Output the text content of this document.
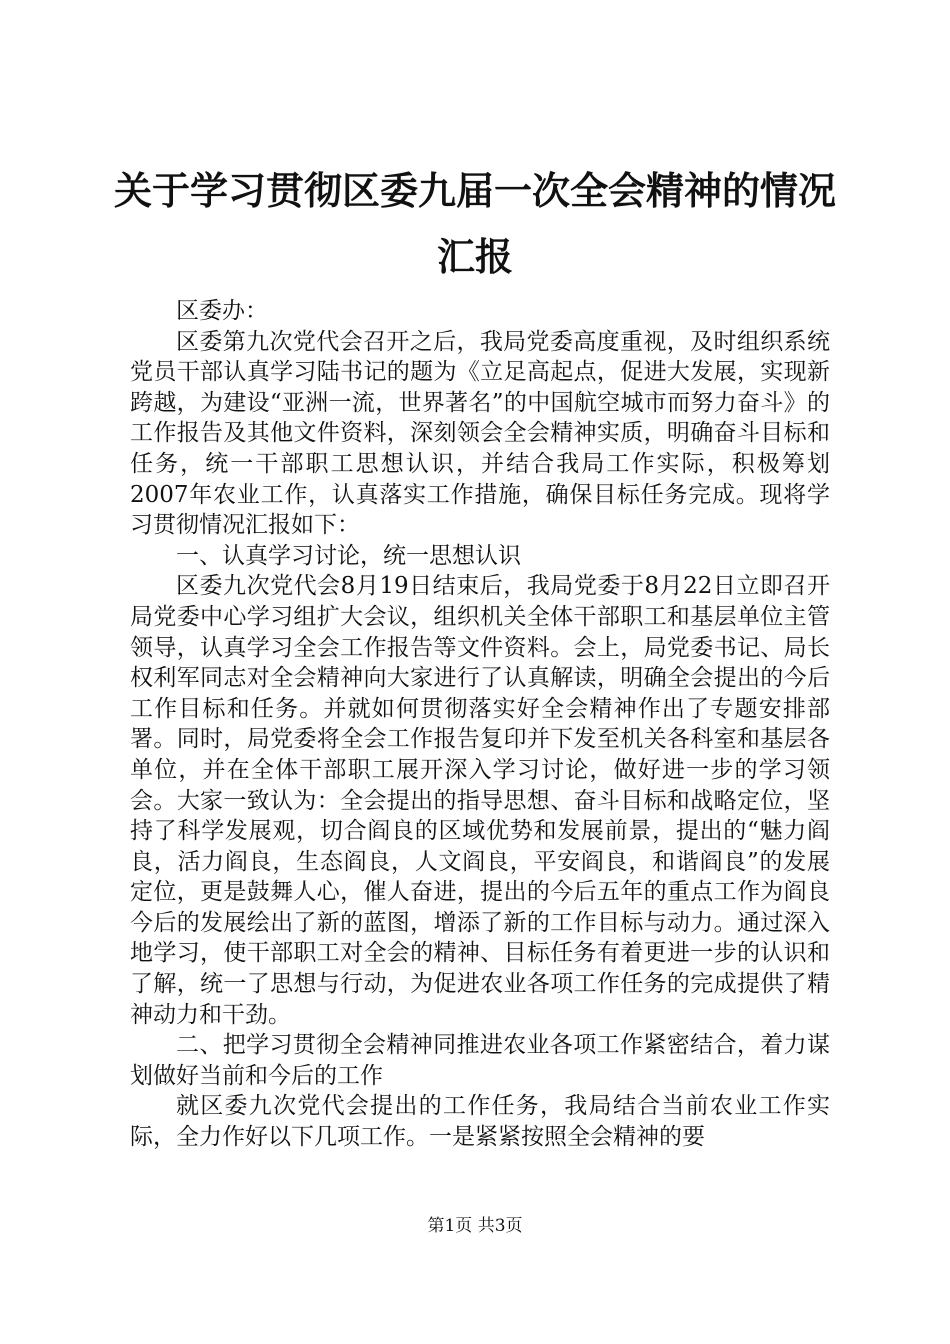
关于学习贯彻区委九届一次全会精神的情况汇报

区委办：

区委第九次党代会召开之后，我局党委高度重视，及时组织系统党员干部认真学习陆书记的题为《立足高起点，促进大发展，实现新跨越，为建设“亚洲一流，世界著名”的中国航空城市而努力奋斗》的工作报告及其他文件资料，深刻领会全会精神实质，明确奋斗目标和任务，统一干部职工思想认识，并结合我局工作实际，积极筹划2007年农业工作，认真落实工作措施，确保目标任务完成。现将学习贯彻情况汇报如下：

一、认真学习讨论，统一思想认识

区委九次党代会8月19日结束后，我局党委于8月22日立即召开局党委中心学习组扩大会议，组织机关全体干部职工和基层单位主管领导，认真学习全会工作报告等文件资料。会上，局党委书记、局长权利军同志对全会精神向大家进行了认真解读，明确全会提出的今后工作目标和任务。并就如何贯彻落实好全会精神作出了专题安排部署。同时，局党委将全会工作报告复印并下发至机关各科室和基层各单位，并在全体干部职工展开深入学习讨论，做好进一步的学习领会。大家一致认为：全会提出的指导思想、奋斗目标和战略定位，坚持了科学发展观，切合阎良的区域优势和发展前景，提出的“魅力阎良，活力阎良，生态阎良，人文阎良，平安阎良，和谐阎良”的发展定位，更是鼓舞人心，催人奋进，提出的今后五年的重点工作为阎良今后的发展绘出了新的蓝图，增添了新的工作目标与动力。通过深入地学习，使干部职工对全会的精神、目标任务有着更进一步的认识和了解，统一了思想与行动，为促进农业各项工作任务的完成提供了精神动力和干劲。

二、把学习贯彻全会精神同推进农业各项工作紧密结合，着力谋划做好当前和今后的工作

就区委九次党代会提出的工作任务，我局结合当前农业工作实际，全力作好以下几项工作。一是紧紧按照全会精神的要

第1页 共3页
